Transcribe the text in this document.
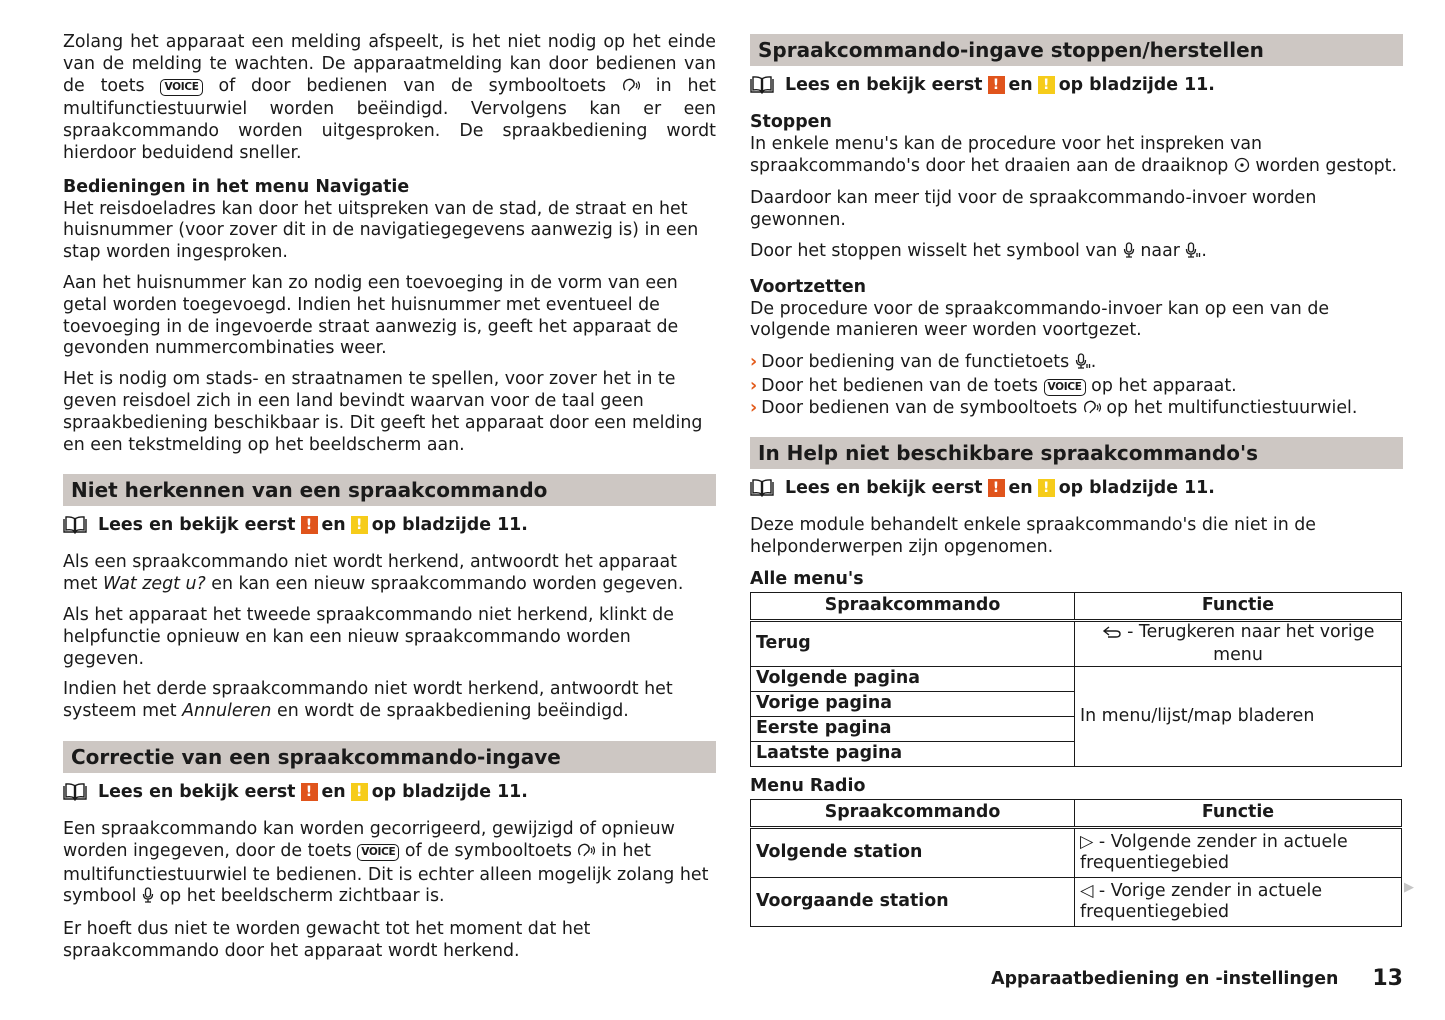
Zolang het apparaat een melding afspeelt, is het niet nodig op het einde van de melding te wachten. De apparaatmelding kan door bedienen van de toets VOICE of door bedienen van de symbooltoets  in het multifunctiestuurwiel worden beëindigd. Vervolgens kan er een spraakcommando worden uitgesproken. De spraakbediening wordt hierdoor beduidend sneller.

Bedieningen in het menu Navigatie
Het reisdoeladres kan door het uitspreken van de stad, de straat en het huisnummer (voor zover dit in de navigatiegegevens aanwezig is) in een stap worden ingesproken.

Aan het huisnummer kan zo nodig een toevoeging in de vorm van een getal worden toegevoegd. Indien het huisnummer met eventueel de toevoeging in de ingevoerde straat aanwezig is, geeft het apparaat de gevonden nummercombinaties weer.

Het is nodig om stads- en straatnamen te spellen, voor zover het in te geven reisdoel zich in een land bevindt waarvan voor de taal geen spraakbediening beschikbaar is. Dit geeft het apparaat door een melding en een tekstmelding op het beeldscherm aan.

Niet herkennen van een spraakcommando
Lees en bekijk eerst ! en ! op bladzijde 11.

Als een spraakcommando niet wordt herkend, antwoordt het apparaat met Wat zegt u? en kan een nieuw spraakcommando worden gegeven.

Als het apparaat het tweede spraakcommando niet herkend, klinkt de helpfunctie opnieuw en kan een nieuw spraakcommando worden gegeven.

Indien het derde spraakcommando niet wordt herkend, antwoordt het systeem met Annuleren en wordt de spraakbediening beëindigd.

Correctie van een spraakcommando-ingave
Lees en bekijk eerst ! en ! op bladzijde 11.

Een spraakcommando kan worden gecorrigeerd, gewijzigd of opnieuw worden ingegeven, door de toets VOICE of de symbooltoets  in het multifunctiestuurwiel te bedienen. Dit is echter alleen mogelijk zolang het symbool  op het beeldscherm zichtbaar is.

Er hoeft dus niet te worden gewacht tot het moment dat het spraakcommando door het apparaat wordt herkend.

Spraakcommando-ingave stoppen/herstellen
Lees en bekijk eerst ! en ! op bladzijde 11.

Stoppen
In enkele menu's kan de procedure voor het inspreken van spraakcommando's door het draaien aan de draaiknop  worden gestopt.

Daardoor kan meer tijd voor de spraakcommando-invoer worden gewonnen.

Door het stoppen wisselt het symbool van  naar .

Voortzetten
De procedure voor de spraakcommando-invoer kan op een van de volgende manieren weer worden voortgezet.

› Door bediening van de functietoets .
› Door het bedienen van de toets VOICE op het apparaat.
› Door bedienen van de symbooltoets  op het multifunctiestuurwiel.
In Help niet beschikbare spraakcommando's
Lees en bekijk eerst ! en ! op bladzijde 11.

Deze module behandelt enkele spraakcommando's die niet in de helponderwerpen zijn opgenomen.

Alle menu's
Spraakcommando	Functie
Terug	- Terugkeren naar het vorige menu
Volgende pagina	In menu/lijst/map bladeren
Vorige pagina	
Eerste pagina	
Laatste pagina	
Menu Radio
Spraakcommando	Functie
Volgende station	▷ - Volgende zender in actuele frequentiegebied
Voorgaande station	◁ - Vorige zender in actuele frequentiegebied
▶
Apparaatbediening en -instellingen 13
